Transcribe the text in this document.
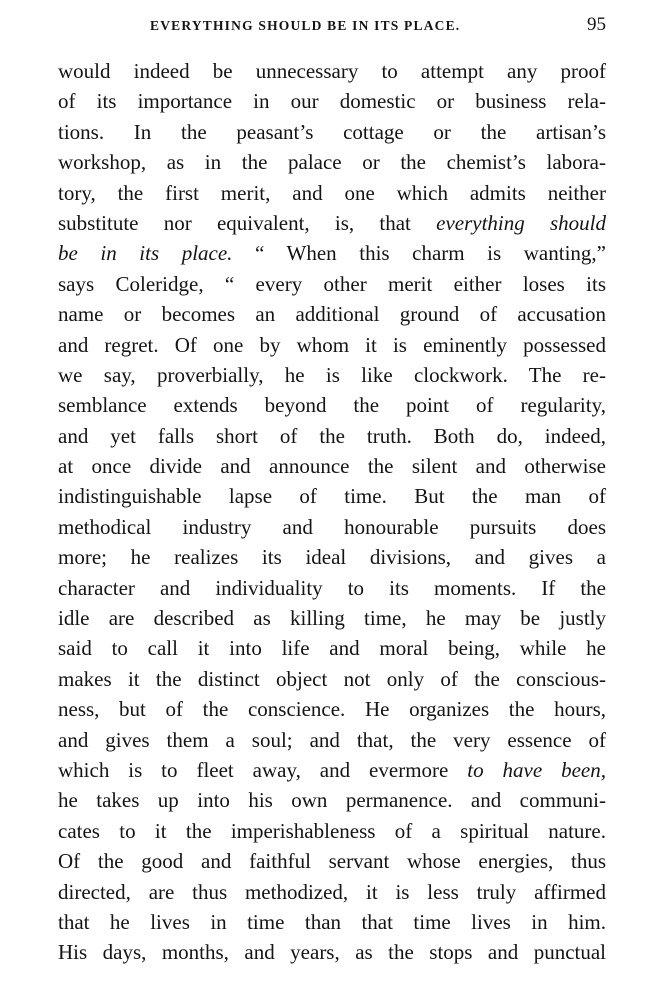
EVERYTHING SHOULD BE IN ITS PLACE.	95
would indeed be unnecessary to attempt any proof
of its importance in our domestic or business rela-
tions. In the peasant’s cottage or the artisan’s
workshop, as in the palace or the chemist’s labora-
tory, the first merit, and one which admits neither
substitute nor equivalent, is, that everything should
be in its place. “ When this charm is wanting,”
says Coleridge, “ every other merit either loses its
name or becomes an additional ground of accusation
and regret. Of one by whom it is eminently possessed
we say, proverbially, he is like clockwork. The re-
semblance extends beyond the point of regularity,
and yet falls short of the truth. Both do, indeed,
at once divide and announce the silent and otherwise
indistinguishable lapse of time. But the man of
methodical industry and honourable pursuits does
more; he realizes its ideal divisions, and gives a
character and individuality to its moments. If the
idle are described as killing time, he may be justly
said to call it into life and moral being, while he
makes it the distinct object not only of the conscious-
ness, but of the conscience. He organizes the hours,
and gives them a soul; and that, the very essence of
which is to fleet away, and evermore to have been,
he takes up into his own permanence. and communi-
cates to it the imperishableness of a spiritual nature.
Of the good and faithful servant whose energies, thus
directed, are thus methodized, it is less truly affirmed
that he lives in time than that time lives in him.
His days, months, and years, as the stops and punctual
